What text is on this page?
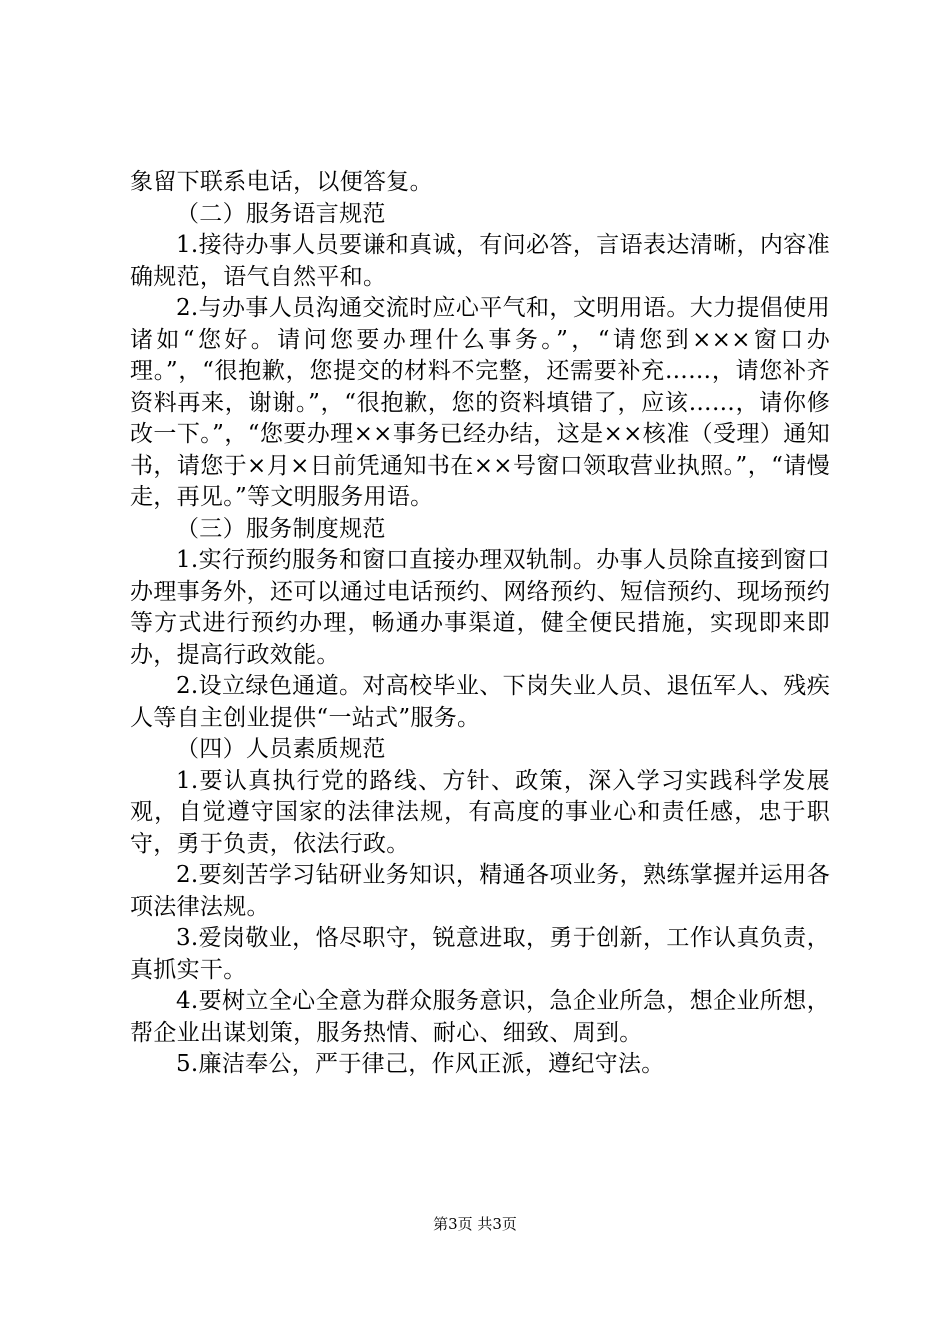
象留下联系电话，以便答复。

（二）服务语言规范

1.接待办事人员要谦和真诚，有问必答，言语表达清晰，内容准确规范，语气自然平和。

2.与办事人员沟通交流时应心平气和，文明用语。大力提倡使用诸如“您好。请问您要办理什么事务。”，“请您到×××窗口办理。”，“很抱歉，您提交的材料不完整，还需要补充……，请您补齐资料再来，谢谢。”，“很抱歉，您的资料填错了，应该……，请你修改一下。”，“您要办理××事务已经办结，这是××核准（受理）通知书，请您于×月×日前凭通知书在××号窗口领取营业执照。”，“请慢走，再见。”等文明服务用语。

（三）服务制度规范

1.实行预约服务和窗口直接办理双轨制。办事人员除直接到窗口办理事务外，还可以通过电话预约、网络预约、短信预约、现场预约等方式进行预约办理，畅通办事渠道，健全便民措施，实现即来即办，提高行政效能。

2.设立绿色通道。对高校毕业、下岗失业人员、退伍军人、残疾人等自主创业提供“一站式”服务。

（四）人员素质规范

1.要认真执行党的路线、方针、政策，深入学习实践科学发展观，自觉遵守国家的法律法规，有高度的事业心和责任感，忠于职守，勇于负责，依法行政。

2.要刻苦学习钻研业务知识，精通各项业务，熟练掌握并运用各项法律法规。

3.爱岗敬业，恪尽职守，锐意进取，勇于创新，工作认真负责，真抓实干。

4.要树立全心全意为群众服务意识，急企业所急，想企业所想，帮企业出谋划策，服务热情、耐心、细致、周到。

5.廉洁奉公，严于律己，作风正派，遵纪守法。

第3页 共3页
